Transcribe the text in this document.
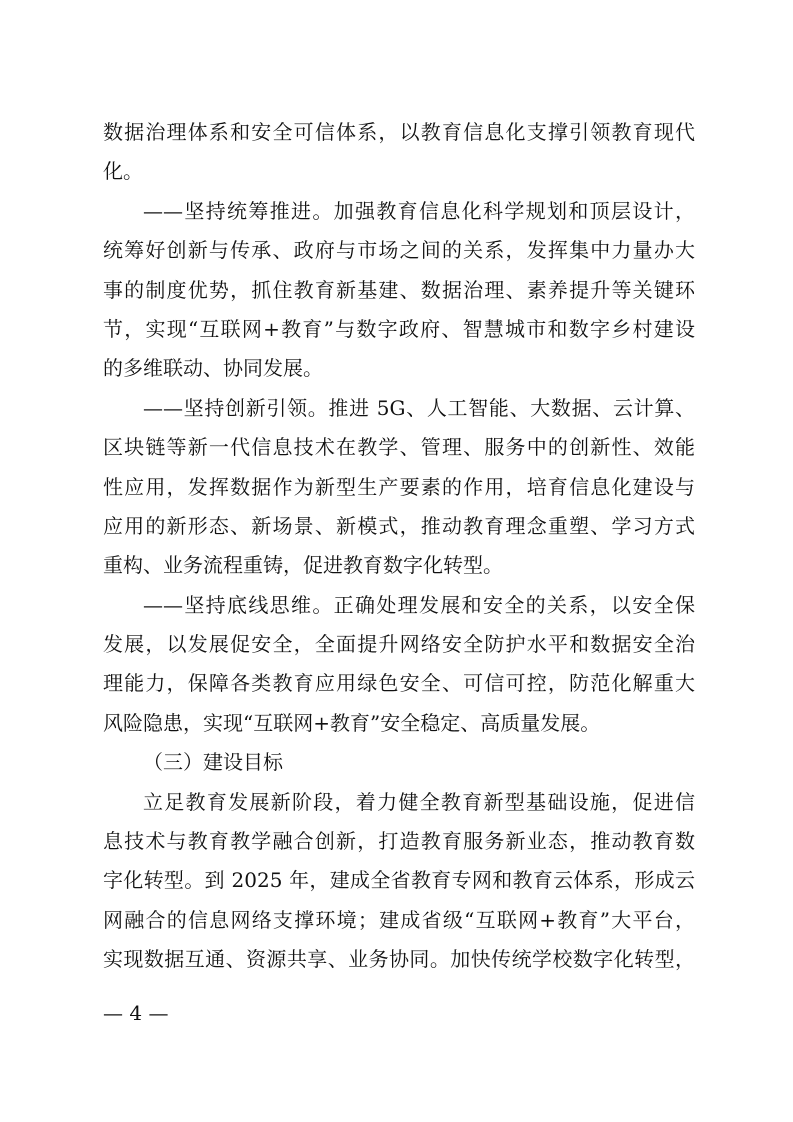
数据治理体系和安全可信体系，以教育信息化支撑引领教育现代
化。
——坚持统筹推进。加强教育信息化科学规划和顶层设计，
统筹好创新与传承、政府与市场之间的关系，发挥集中力量办大
事的制度优势，抓住教育新基建、数据治理、素养提升等关键环
节，实现“互联网+教育”与数字政府、智慧城市和数字乡村建设
的多维联动、协同发展。
——坚持创新引领。推进 5G、人工智能、大数据、云计算、
区块链等新一代信息技术在教学、管理、服务中的创新性、效能
性应用，发挥数据作为新型生产要素的作用，培育信息化建设与
应用的新形态、新场景、新模式，推动教育理念重塑、学习方式
重构、业务流程重铸，促进教育数字化转型。
——坚持底线思维。正确处理发展和安全的关系，以安全保
发展，以发展促安全，全面提升网络安全防护水平和数据安全治
理能力，保障各类教育应用绿色安全、可信可控，防范化解重大
风险隐患，实现“互联网+教育”安全稳定、高质量发展。
（三）建设目标
立足教育发展新阶段，着力健全教育新型基础设施，促进信
息技术与教育教学融合创新，打造教育服务新业态，推动教育数
字化转型。到 2025 年，建成全省教育专网和教育云体系，形成云
网融合的信息网络支撑环境；建成省级“互联网+教育”大平台，
实现数据互通、资源共享、业务协同。加快传统学校数字化转型，
— 4 —
